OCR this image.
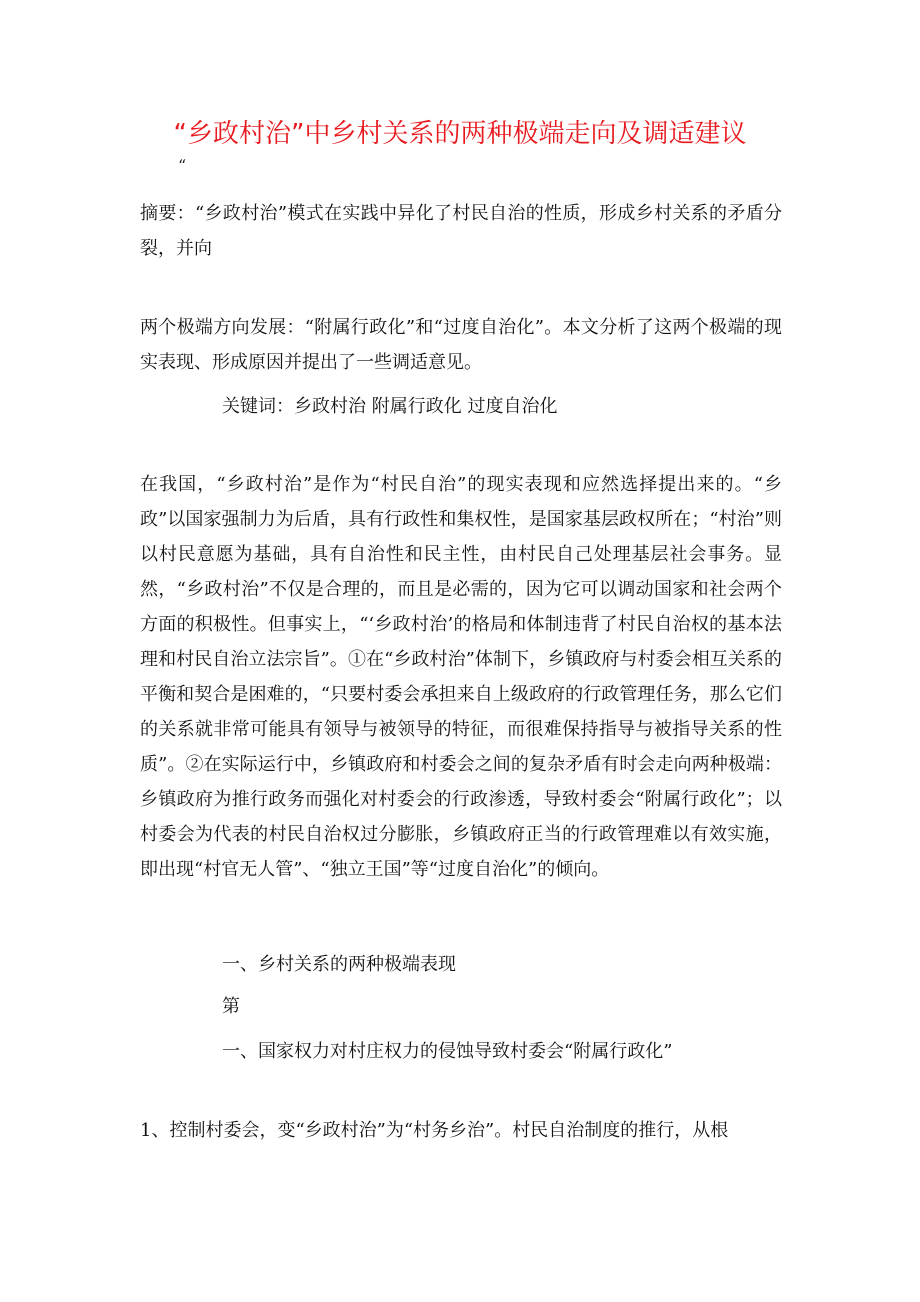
“乡政村治”中乡村关系的两种极端走向及调适建议
“
摘要：“乡政村治”模式在实践中异化了村民自治的性质，形成乡村关系的矛盾分裂，并向
两个极端方向发展：“附属行政化”和“过度自治化”。本文分析了这两个极端的现实表现、形成原因并提出了一些调适意见。
关键词：乡政村治 附属行政化 过度自治化
在我国，“乡政村治”是作为“村民自治”的现实表现和应然选择提出来的。“乡政”以国家强制力为后盾，具有行政性和集权性，是国家基层政权所在；“村治”则以村民意愿为基础，具有自治性和民主性，由村民自己处理基层社会事务。显然，“乡政村治”不仅是合理的，而且是必需的，因为它可以调动国家和社会两个方面的积极性。但事实上，“‘乡政村治’的格局和体制违背了村民自治权的基本法理和村民自治立法宗旨”。①在“乡政村治”体制下，乡镇政府与村委会相互关系的平衡和契合是困难的，“只要村委会承担来自上级政府的行政管理任务，那么它们的关系就非常可能具有领导与被领导的特征，而很难保持指导与被指导关系的性质”。②在实际运行中，乡镇政府和村委会之间的复杂矛盾有时会走向两种极端：乡镇政府为推行政务而强化对村委会的行政渗透，导致村委会“附属行政化”；以村委会为代表的村民自治权过分膨胀，乡镇政府正当的行政管理难以有效实施，即出现“村官无人管”、“独立王国”等“过度自治化”的倾向。
一、乡村关系的两种极端表现
第
一、国家权力对村庄权力的侵蚀导致村委会“附属行政化”
1、控制村委会，变“乡政村治”为“村务乡治”。村民自治制度的推行，从根
